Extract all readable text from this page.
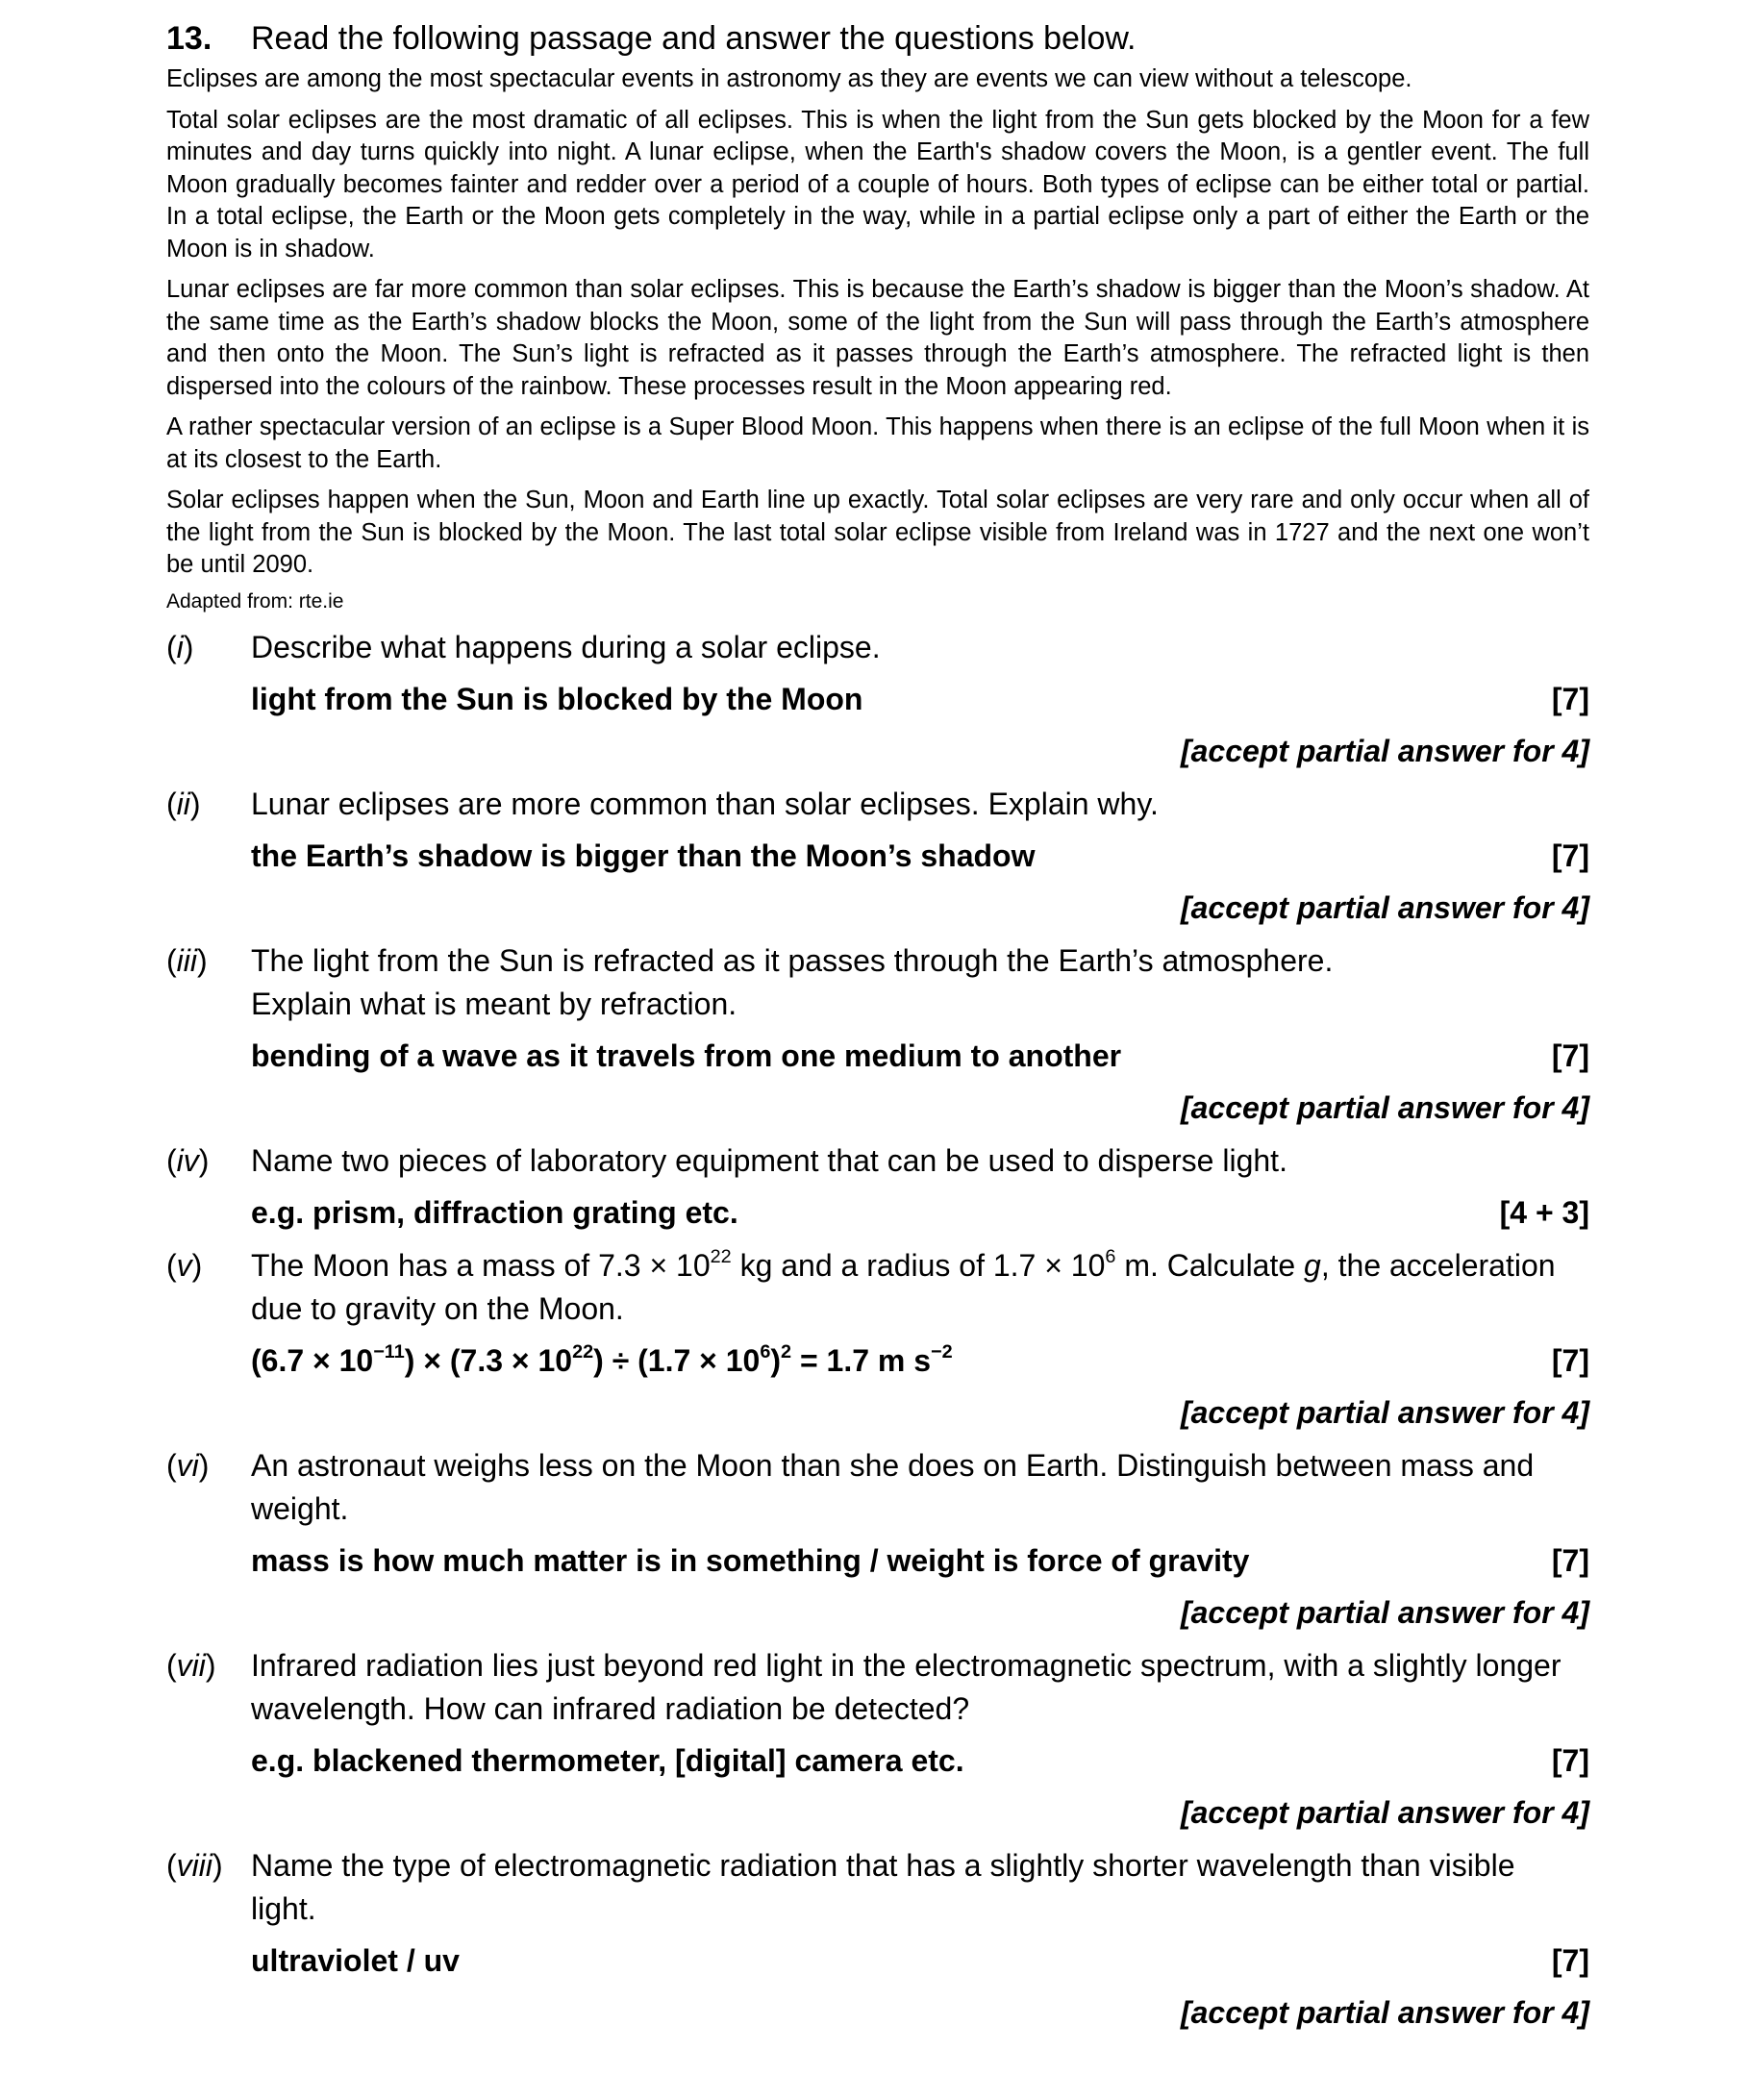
13.	Read the following passage and answer the questions below.

Eclipses are among the most spectacular events in astronomy as they are events we can view without a telescope.

Total solar eclipses are the most dramatic of all eclipses. This is when the light from the Sun gets blocked by the Moon for a few minutes and day turns quickly into night. A lunar eclipse, when the Earth's shadow covers the Moon, is a gentler event. The full Moon gradually becomes fainter and redder over a period of a couple of hours. Both types of eclipse can be either total or partial. In a total eclipse, the Earth or the Moon gets completely in the way, while in a partial eclipse only a part of either the Earth or the Moon is in shadow.

Lunar eclipses are far more common than solar eclipses. This is because the Earth’s shadow is bigger than the Moon’s shadow. At the same time as the Earth’s shadow blocks the Moon, some of the light from the Sun will pass through the Earth’s atmosphere and then onto the Moon. The Sun’s light is refracted as it passes through the Earth’s atmosphere. The refracted light is then dispersed into the colours of the rainbow. These processes result in the Moon appearing red.

A rather spectacular version of an eclipse is a Super Blood Moon. This happens when there is an eclipse of the full Moon when it is at its closest to the Earth.

Solar eclipses happen when the Sun, Moon and Earth line up exactly. Total solar eclipses are very rare and only occur when all of the light from the Sun is blocked by the Moon. The last total solar eclipse visible from Ireland was in 1727 and the next one won’t be until 2090.

Adapted from: rte.ie

(i)	Describe what happens during a solar eclipse.
light from the Sun is blocked by the Moon	[7]
[accept partial answer for 4]
(ii)	Lunar eclipses are more common than solar eclipses. Explain why.
the Earth’s shadow is bigger than the Moon’s shadow	[7]
[accept partial answer for 4]
(iii)	The light from the Sun is refracted as it passes through the Earth’s atmosphere.
Explain what is meant by refraction.
bending of a wave as it travels from one medium to another	[7]
[accept partial answer for 4]
(iv)	Name two pieces of laboratory equipment that can be used to disperse light.
e.g. prism, diffraction grating etc.	[4 + 3]
(v)	The Moon has a mass of $7.3 \times 10^{22}$ kg and a radius of $1.7 \times 10^6$ m. Calculate g, the acceleration due to gravity on the Moon.
$(6.7 \times 10^{-11}) \times (7.3 \times 10^{22}) \div (1.7 \times 10^6)^2 = 1.7$ m $s^{-2}$	[7]
[accept partial answer for 4]
(vi)	An astronaut weighs less on the Moon than she does on Earth. Distinguish between mass and weight.
mass is how much matter is in something / weight is force of gravity	[7]
[accept partial answer for 4]
(vii)	Infrared radiation lies just beyond red light in the electromagnetic spectrum, with a slightly longer wavelength. How can infrared radiation be detected?
e.g. blackened thermometer, [digital] camera etc.	[7]
[accept partial answer for 4]
(viii) Name the type of electromagnetic radiation that has a slightly shorter wavelength than visible light.
ultraviolet / uv	[7]
[accept partial answer for 4]
